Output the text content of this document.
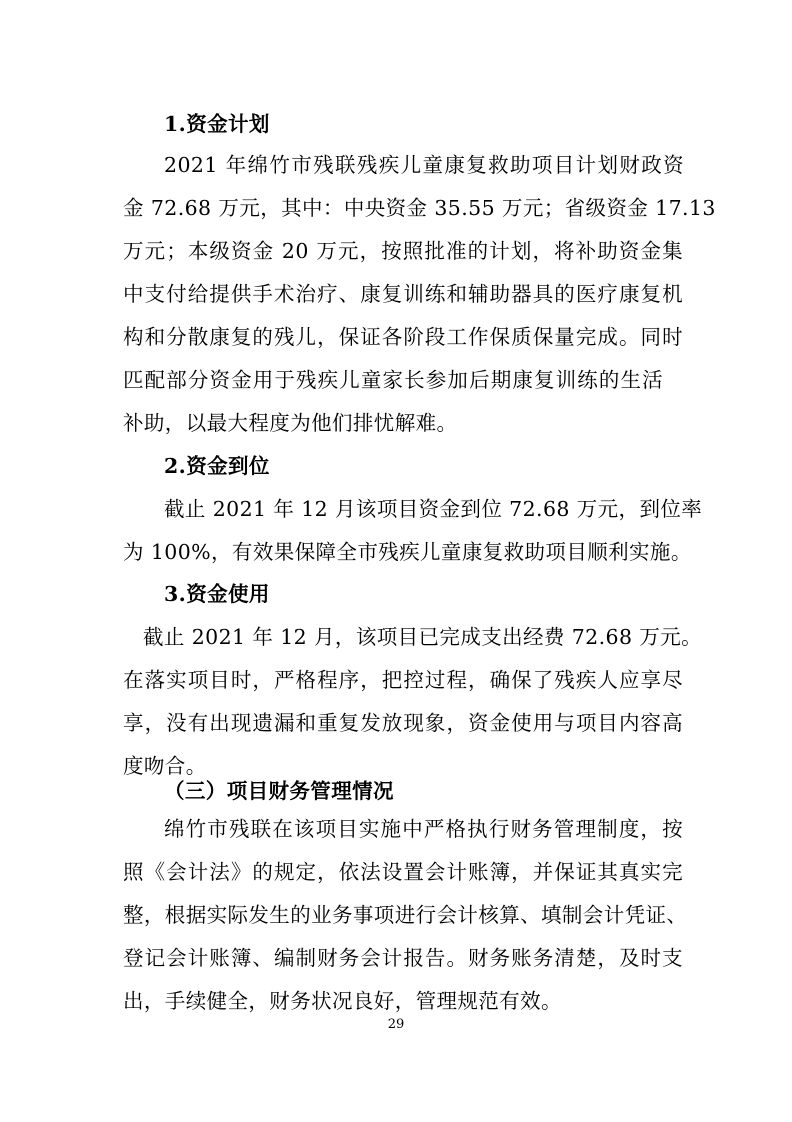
1.资金计划
2021 年绵竹市残联残疾儿童康复救助项目计划财政资
金 72.68 万元，其中：中央资金 35.55 万元；省级资金 17.13
万元；本级资金 20 万元，按照批准的计划，将补助资金集
中支付给提供手术治疗、康复训练和辅助器具的医疗康复机
构和分散康复的残儿，保证各阶段工作保质保量完成。同时
匹配部分资金用于残疾儿童家长参加后期康复训练的生活
补助，以最大程度为他们排忧解难。
2.资金到位
截止 2021 年 12 月该项目资金到位 72.68 万元，到位率
为 100%，有效果保障全市残疾儿童康复救助项目顺利实施。
3.资金使用
截止 2021 年 12 月，该项目已完成支出经费 72.68 万元。
在落实项目时，严格程序，把控过程，确保了残疾人应享尽
享，没有出现遗漏和重复发放现象，资金使用与项目内容高
度吻合。
（三）项目财务管理情况
绵竹市残联在该项目实施中严格执行财务管理制度，按
照《会计法》的规定，依法设置会计账簿，并保证其真实完
整，根据实际发生的业务事项进行会计核算、填制会计凭证、
登记会计账簿、编制财务会计报告。财务账务清楚，及时支
出，手续健全，财务状况良好，管理规范有效。
29
